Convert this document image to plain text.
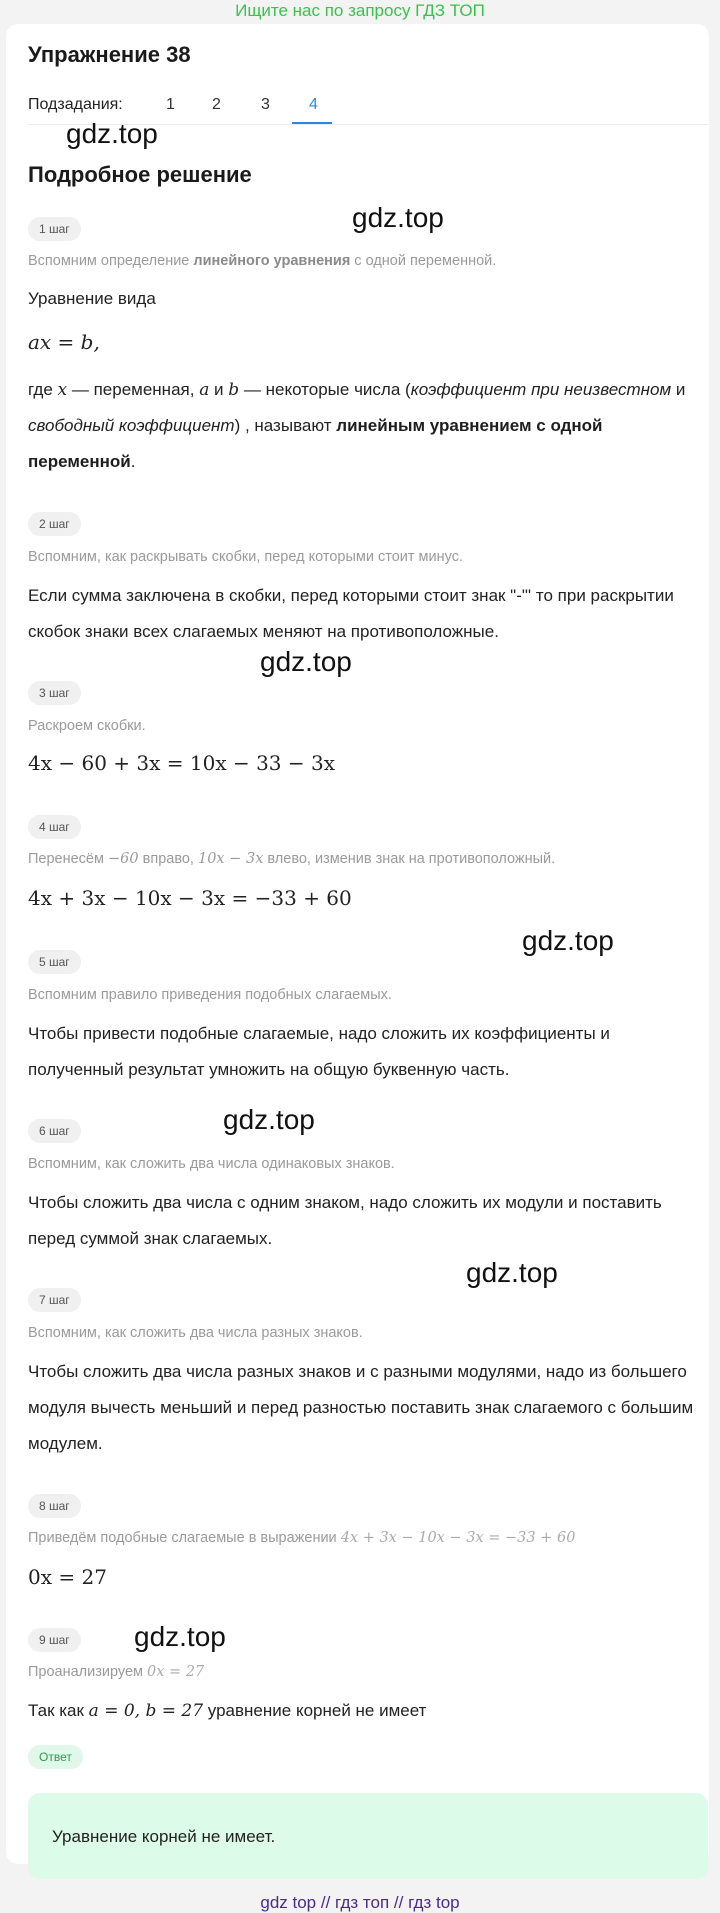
Ищите нас по запросу ГДЗ ТОП
Упражнение 38
Подзадания:	1 2	3 4
Подробное решение
gdz.top
gdz.top
gdz.top
gdz.top
gdz.top
gdz.top
gdz.top
1 шаг
Вспомним определение линейного уравнения с одной переменной.
Уравнение вида
ax = b,
где x — переменная, a и b — некоторые числа (коэффициент при неизвестном и свободный коэффициент) , называют линейным уравнением с одной переменной.
2 шаг
Вспомним, как раскрывать скобки, перед которыми стоит минус.
Если сумма заключена в скобки, перед которыми стоит знак "-"' то при раскрытии скобок знаки всех слагаемых меняют на противоположные.
3 шаг
Раскроем скобки.
4x − 60 + 3x = 10x − 33 − 3x
4 шаг
Перенесём −60 вправо, 10x − 3x влево, изменив знак на противоположный.
4x + 3x − 10x − 3x = −33 + 60
5 шаг
Вспомним правило приведения подобных слагаемых.
Чтобы привести подобные слагаемые, надо сложить их коэффициенты и полученный результат умножить на общую буквенную часть.
6 шаг
Вспомним, как сложить два числа одинаковых знаков.
Чтобы сложить два числа с одним знаком, надо сложить их модули и поставить перед суммой знак слагаемых.
7 шаг
Вспомним, как сложить два числа разных знаков.
Чтобы сложить два числа разных знаков и с разными модулями, надо из большего модуля вычесть меньший и перед разностью поставить знак слагаемого с большим модулем.
8 шаг
Приведём подобные слагаемые в выражении 4x + 3x − 10x − 3x = −33 + 60
0x = 27
9 шаг
Проанализируем 0x = 27
Так как a = 0, b = 27 уравнение корней не имеет
Ответ
Уравнение корней не имеет.
gdz top // гдз топ // гдз top
